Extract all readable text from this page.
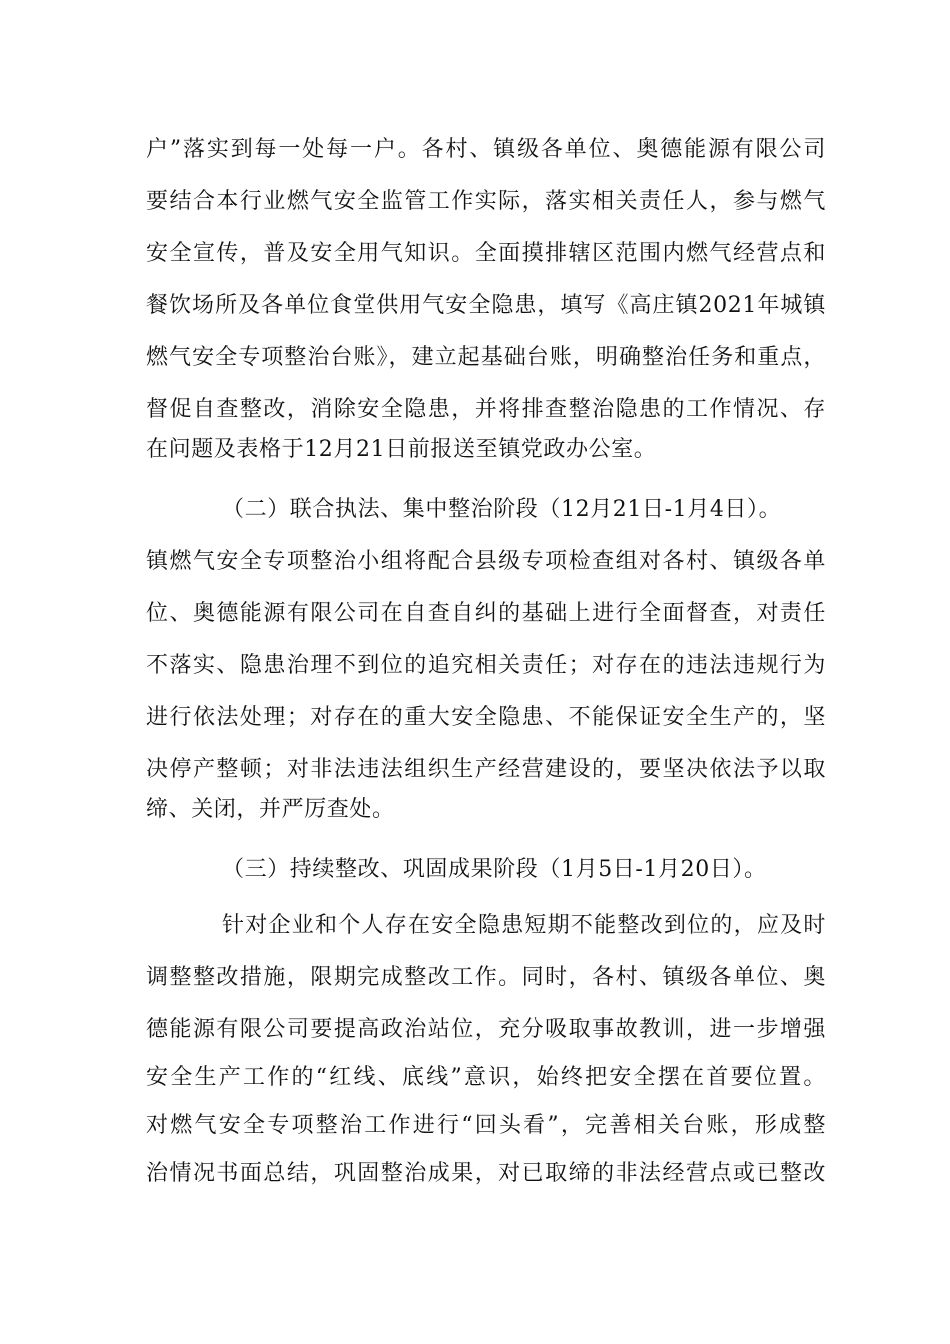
户”落实到每一处每一户。各村、镇级各单位、奥德能源有限公司
要结合本行业燃气安全监管工作实际，落实相关责任人，参与燃气
安全宣传，普及安全用气知识。全面摸排辖区范围内燃气经营点和
餐饮场所及各单位食堂供用气安全隐患，填写《高庄镇2021年城镇
燃气安全专项整治台账》，建立起基础台账，明确整治任务和重点，
督促自查整改，消除安全隐患，并将排查整治隐患的工作情况、存
在问题及表格于12月21日前报送至镇党政办公室。
（二）联合执法、集中整治阶段（12月21日-1月4日）。
镇燃气安全专项整治小组将配合县级专项检查组对各村、镇级各单
位、奥德能源有限公司在自查自纠的基础上进行全面督查，对责任
不落实、隐患治理不到位的追究相关责任；对存在的违法违规行为
进行依法处理；对存在的重大安全隐患、不能保证安全生产的，坚
决停产整顿；对非法违法组织生产经营建设的，要坚决依法予以取
缔、关闭，并严厉查处。
（三）持续整改、巩固成果阶段（1月5日-1月20日）。
针对企业和个人存在安全隐患短期不能整改到位的，应及时
调整整改措施，限期完成整改工作。同时，各村、镇级各单位、奥
德能源有限公司要提高政治站位，充分吸取事故教训，进一步增强
安全生产工作的“红线、底线”意识，始终把安全摆在首要位置。
对燃气安全专项整治工作进行“回头看”，完善相关台账，形成整
治情况书面总结，巩固整治成果，对已取缔的非法经营点或已整改
